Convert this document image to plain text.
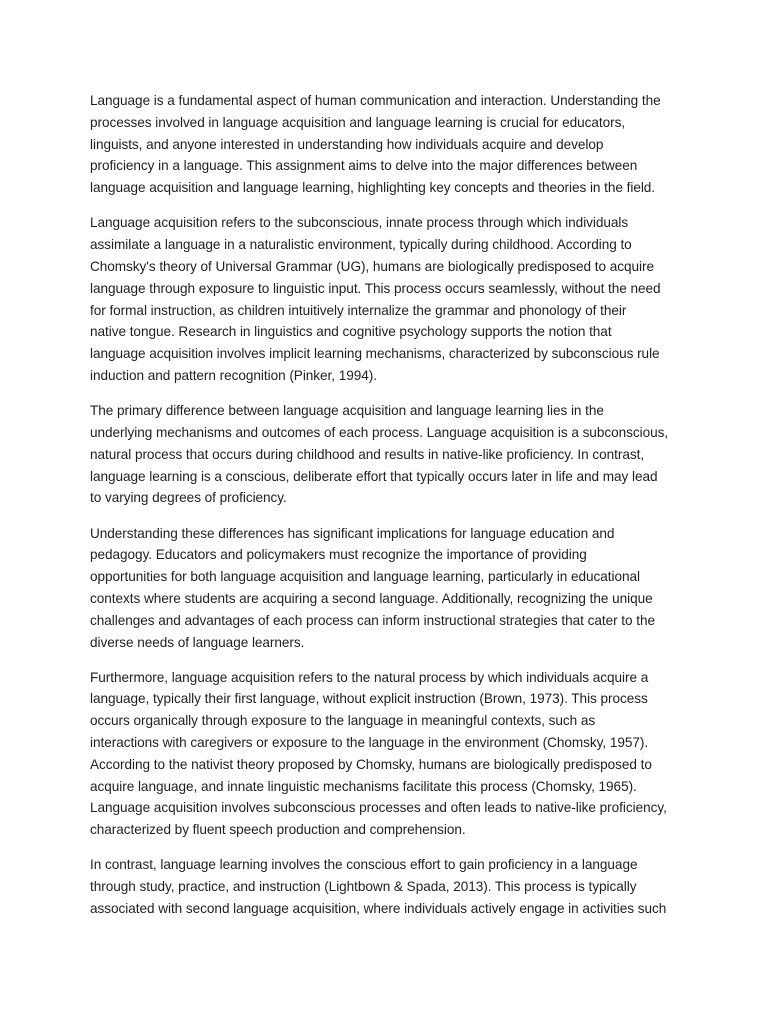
Language is a fundamental aspect of human communication and interaction. Understanding the
processes involved in language acquisition and language learning is crucial for educators,
linguists, and anyone interested in understanding how individuals acquire and develop
proficiency in a language. This assignment aims to delve into the major differences between
language acquisition and language learning, highlighting key concepts and theories in the field.

Language acquisition refers to the subconscious, innate process through which individuals
assimilate a language in a naturalistic environment, typically during childhood. According to
Chomsky's theory of Universal Grammar (UG), humans are biologically predisposed to acquire
language through exposure to linguistic input. This process occurs seamlessly, without the need
for formal instruction, as children intuitively internalize the grammar and phonology of their
native tongue. Research in linguistics and cognitive psychology supports the notion that
language acquisition involves implicit learning mechanisms, characterized by subconscious rule
induction and pattern recognition (Pinker, 1994).

The primary difference between language acquisition and language learning lies in the
underlying mechanisms and outcomes of each process. Language acquisition is a subconscious,
natural process that occurs during childhood and results in native-like proficiency. In contrast,
language learning is a conscious, deliberate effort that typically occurs later in life and may lead
to varying degrees of proficiency.

Understanding these differences has significant implications for language education and
pedagogy. Educators and policymakers must recognize the importance of providing
opportunities for both language acquisition and language learning, particularly in educational
contexts where students are acquiring a second language. Additionally, recognizing the unique
challenges and advantages of each process can inform instructional strategies that cater to the
diverse needs of language learners.

Furthermore, language acquisition refers to the natural process by which individuals acquire a
language, typically their first language, without explicit instruction (Brown, 1973). This process
occurs organically through exposure to the language in meaningful contexts, such as
interactions with caregivers or exposure to the language in the environment (Chomsky, 1957).
According to the nativist theory proposed by Chomsky, humans are biologically predisposed to
acquire language, and innate linguistic mechanisms facilitate this process (Chomsky, 1965).
Language acquisition involves subconscious processes and often leads to native-like proficiency,
characterized by fluent speech production and comprehension.

In contrast, language learning involves the conscious effort to gain proficiency in a language
through study, practice, and instruction (Lightbown & Spada, 2013). This process is typically
associated with second language acquisition, where individuals actively engage in activities such
